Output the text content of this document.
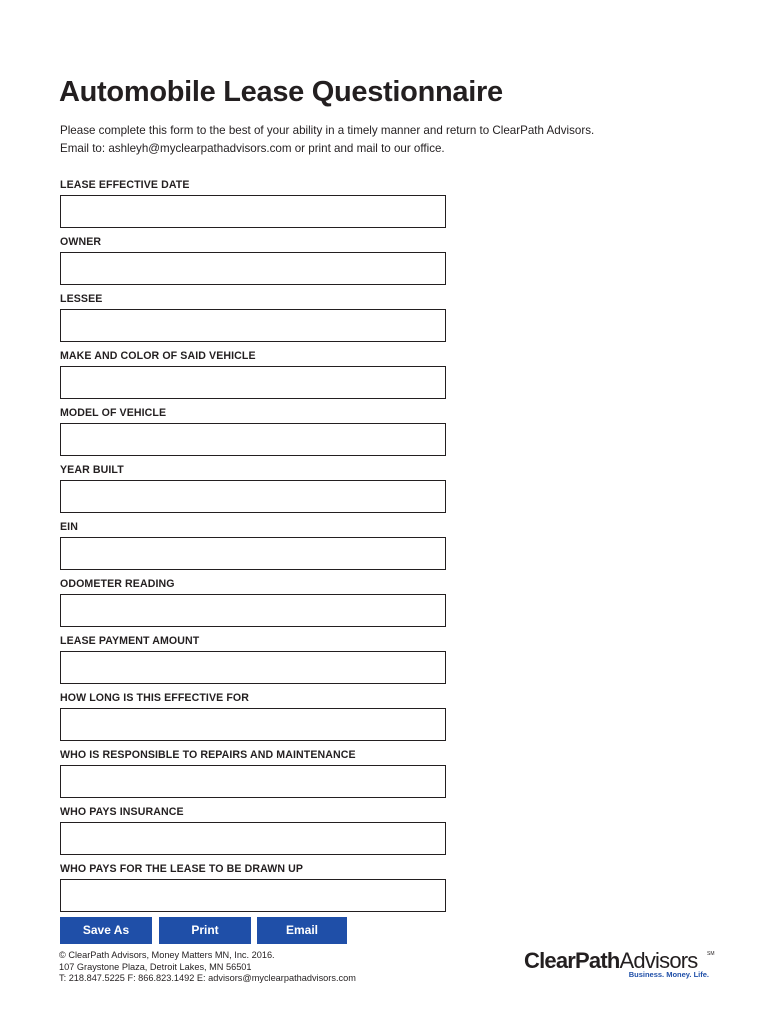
Automobile Lease Questionnaire
Please complete this form to the best of your ability in a timely manner and return to ClearPath Advisors.
Email to: ashleyh@myclearpathadvisors.com or print and mail to our office.
LEASE EFFECTIVE DATE
OWNER
LESSEE
MAKE AND COLOR OF SAID VEHICLE
MODEL OF VEHICLE
YEAR BUILT
EIN
ODOMETER READING
LEASE PAYMENT AMOUNT
HOW LONG IS THIS EFFECTIVE FOR
WHO IS RESPONSIBLE TO REPAIRS AND MAINTENANCE
WHO PAYS INSURANCE
WHO PAYS FOR THE LEASE TO BE DRAWN UP
Save As	Print	Email
© ClearPath Advisors, Money Matters MN, Inc. 2016.
107 Graystone Plaza, Detroit Lakes, MN 56501
T: 218.847.5225 F: 866.823.1492 E: advisors@myclearpathadvisors.com
ClearPathAdvisors SM
Business. Money. Life.
